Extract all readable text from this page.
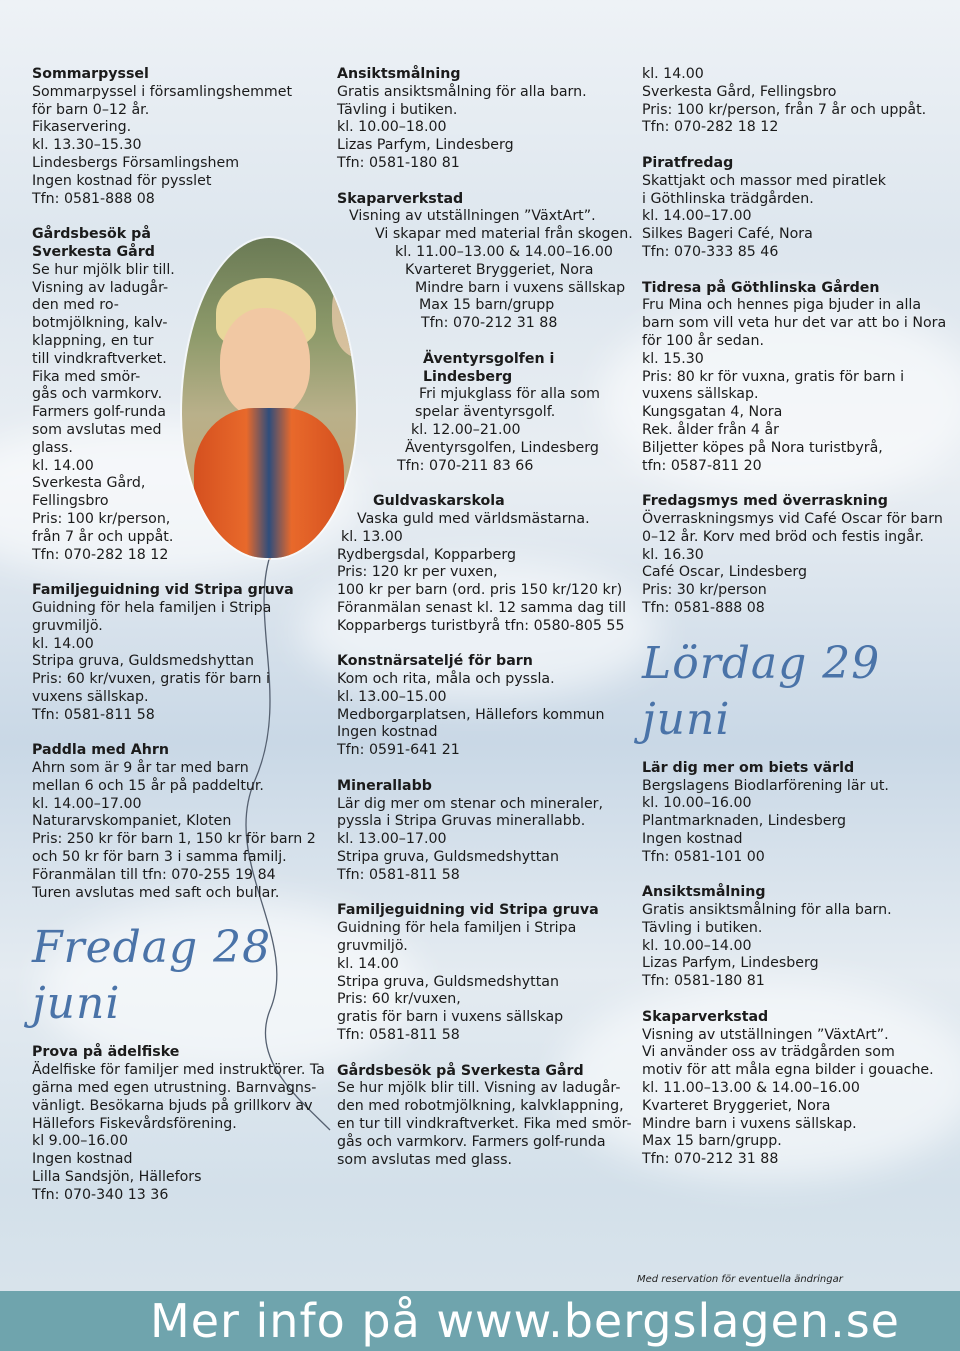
Sommarpyssel
Sommarpyssel i församlingshemmet
för barn 0–12 år.
Fikaservering.
kl. 13.30–15.30
Lindesbergs Församlingshem
Ingen kostnad för pysslet
Tfn: 0581-888 08
Gårdsbesök på
Sverkesta Gård
Se hur mjölk blir till.
Visning av ladugår-
den med ro-
botmjölkning, kalv-
klappning, en tur
till vindkraftverket.
Fika med smör-
gås och varmkorv.
Farmers golf-runda
som avslutas med
glass.
kl. 14.00
Sverkesta Gård,
Fellingsbro
Pris: 100 kr/person,
från 7 år och uppåt.
Tfn: 070-282 18 12
Familjeguidning vid Stripa gruva
Guidning för hela familjen i Stripa
gruvmiljö.
kl. 14.00
Stripa gruva, Guldsmedshyttan
Pris: 60 kr/vuxen, gratis för barn i
vuxens sällskap.
Tfn: 0581-811 58
Paddla med Ahrn
Ahrn som är 9 år tar med barn
mellan 6 och 15 år på paddeltur.
kl. 14.00–17.00
Naturarvskompaniet, Kloten
Pris: 250 kr för barn 1, 150 kr för barn 2
och 50 kr för barn 3 i samma familj.
Föranmälan till tfn: 070-255 19 84
Turen avslutas med saft och bullar.
Fredag 28 juni
Prova på ädelfiske
Ädelfiske för familjer med instruktörer. Ta
gärna med egen utrustning. Barnvagns-
vänligt. Besökarna bjuds på grillkorv av
Hällefors Fiskevårdsförening.
kl 9.00–16.00
Ingen kostnad
Lilla Sandsjön, Hällefors
Tfn: 070-340 13 36
Ansiktsmålning
Gratis ansiktsmålning för alla barn.
Tävling i butiken.
kl. 10.00–18.00
Lizas Parfym, Lindesberg
Tfn: 0581-180 81
Skaparverkstad
Visning av utställningen ”VäxtArt”.
Vi skapar med material från skogen.
kl. 11.00–13.00 & 14.00–16.00
Kvarteret Bryggeriet, Nora
Mindre barn i vuxens sällskap
Max 15 barn/grupp
Tfn: 070-212 31 88
Äventyrsgolfen i Lindesberg
Fri mjukglass för alla som
spelar äventyrsgolf.
kl. 12.00–21.00
Äventyrsgolfen, Lindesberg
Tfn: 070-211 83 66
Guldvaskarskola
Vaska guld med världsmästarna.
kl. 13.00
Rydbergsdal, Kopparberg
Pris: 120 kr per vuxen,
100 kr per barn (ord. pris 150 kr/120 kr)
Föranmälan senast kl. 12 samma dag till
Kopparbergs turistbyrå tfn: 0580-805 55
Konstnärsateljé för barn
Kom och rita, måla och pyssla.
kl. 13.00–15.00
Medborgarplatsen, Hällefors kommun
Ingen kostnad
Tfn: 0591-641 21
Minerallabb
Lär dig mer om stenar och mineraler,
pyssla i Stripa Gruvas minerallabb.
kl. 13.00–17.00
Stripa gruva, Guldsmedshyttan
Tfn: 0581-811 58
Familjeguidning vid Stripa gruva
Guidning för hela familjen i Stripa
gruvmiljö.
kl. 14.00
Stripa gruva, Guldsmedshyttan
Pris: 60 kr/vuxen,
gratis för barn i vuxens sällskap
Tfn: 0581-811 58
Gårdsbesök på Sverkesta Gård
Se hur mjölk blir till. Visning av ladugår-
den med robotmjölkning, kalvklappning,
en tur till vindkraftverket. Fika med smör-
gås och varmkorv. Farmers golf-runda
som avslutas med glass.
kl. 14.00
Sverkesta Gård, Fellingsbro
Pris: 100 kr/person, från 7 år och uppåt.
Tfn: 070-282 18 12
Piratfredag
Skattjakt och massor med piratlek
i Göthlinska trädgården.
kl. 14.00–17.00
Silkes Bageri Café, Nora
Tfn: 070-333 85 46
Tidresa på Göthlinska Gården
Fru Mina och hennes piga bjuder in alla
barn som vill veta hur det var att bo i Nora
för 100 år sedan.
kl. 15.30
Pris: 80 kr för vuxna, gratis för barn i
vuxens sällskap.
Kungsgatan 4, Nora
Rek. ålder från 4 år
Biljetter köpes på Nora turistbyrå,
tfn: 0587-811 20
Fredagsmys med överraskning
Överraskningsmys vid Café Oscar för barn
0–12 år. Korv med bröd och festis ingår.
kl. 16.30
Café Oscar, Lindesberg
Pris: 30 kr/person
Tfn: 0581-888 08
Lördag 29 juni
Lär dig mer om biets värld
Bergslagens Biodlarförening lär ut.
kl. 10.00–16.00
Plantmarknaden, Lindesberg
Ingen kostnad
Tfn: 0581-101 00
Ansiktsmålning
Gratis ansiktsmålning för alla barn.
Tävling i butiken.
kl. 10.00–14.00
Lizas Parfym, Lindesberg
Tfn: 0581-180 81
Skaparverkstad
Visning av utställningen ”VäxtArt”.
Vi använder oss av trädgården som
motiv för att måla egna bilder i gouache.
kl. 11.00–13.00 & 14.00–16.00
Kvarteret Bryggeriet, Nora
Mindre barn i vuxens sällskap.
Max 15 barn/grupp.
Tfn: 070-212 31 88
Med reservation för eventuella ändringar
Mer info på www.bergslagen.se
